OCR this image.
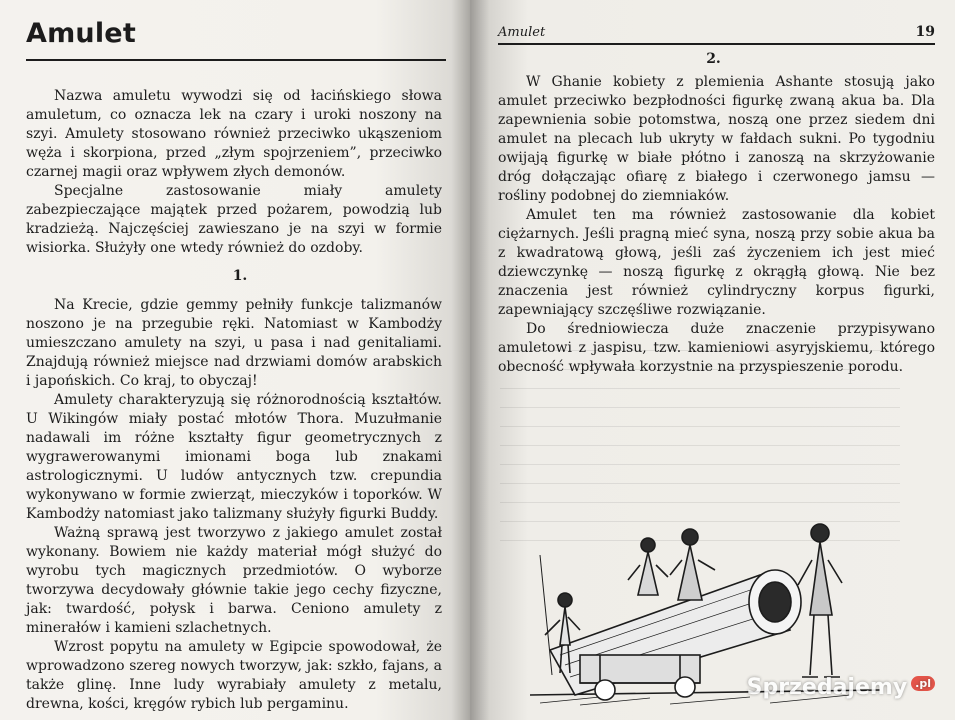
Amulet

Nazwa amuletu wywodzi się od łacińskiego słowa amuletum, co oznacza lek na czary i uroki noszony na szyi. Amulety stosowano również przeciwko ukąszeniom węża i skorpiona, przed „złym spojrzeniem”, przeciwko czarnej magii oraz wpływem złych demonów.

Specjalne zastosowanie miały amulety zabezpieczające majątek przed pożarem, powodzią lub kradzieżą. Najczęściej zawieszano je na szyi w formie wisiorka. Służyły one wtedy również do ozdoby.

1.

Na Krecie, gdzie gemmy pełniły funkcje talizmanów noszono je na przegubie ręki. Natomiast w Kambodży umieszczano amulety na szyi, u pasa i nad genitaliami. Znajdują również miejsce nad drzwiami domów arabskich i japońskich. Co kraj, to obyczaj!

Amulety charakteryzują się różnorodnością kształtów. U Wikingów miały postać młotów Thora. Muzułmanie nadawali im różne kształty figur geometrycznych z wygrawerowanymi imionami boga lub znakami astrologicznymi. U ludów antycznych tzw. crepundia wykonywano w formie zwierząt, mieczyków i toporków. W Kambodży natomiast jako talizmany służyły figurki Buddy.

Ważną sprawą jest tworzywo z jakiego amulet został wykonany. Bowiem nie każdy materiał mógł służyć do wyrobu tych magicznych przedmiotów. O wyborze tworzywa decydowały głównie takie jego cechy fizyczne, jak: twardość, połysk i barwa. Ceniono amulety z minerałów i kamieni szlachetnych.

Wzrost popytu na amulety w Egipcie spowodował, że wprowadzono szereg nowych tworzyw, jak: szkło, fajans, a także glinę. Inne ludy wyrabiały amulety z metalu, drewna, kości, kręgów rybich lub pergaminu.

Amulet	19
2.

W Ghanie kobiety z plemienia Ashante stosują jako amulet przeciwko bezpłodności figurkę zwaną akua ba. Dla zapewnienia sobie potomstwa, noszą one przez siedem dni amulet na plecach lub ukryty w fałdach sukni. Po tygodniu owijają figurkę w białe płótno i zanoszą na skrzyżowanie dróg dołączając ofiarę z białego i czerwonego jamsu — rośliny podobnej do ziemniaków.

Amulet ten ma również zastosowanie dla kobiet ciężarnych. Jeśli pragną mieć syna, noszą przy sobie akua ba z kwadratową głową, jeśli zaś życzeniem ich jest mieć dziewczynkę — noszą figurkę z okrągłą głową. Nie bez znaczenia jest również cylindryczny korpus figurki, zapewniający szczęśliwe rozwiązanie.

Do średniowiecza duże znaczenie przypisywano amuletowi z jaspisu, tzw. kamieniowi asyryjskiemu, którego obecność wpływała korzystnie na przyspieszenie porodu.

Sprzedajemy .pl
